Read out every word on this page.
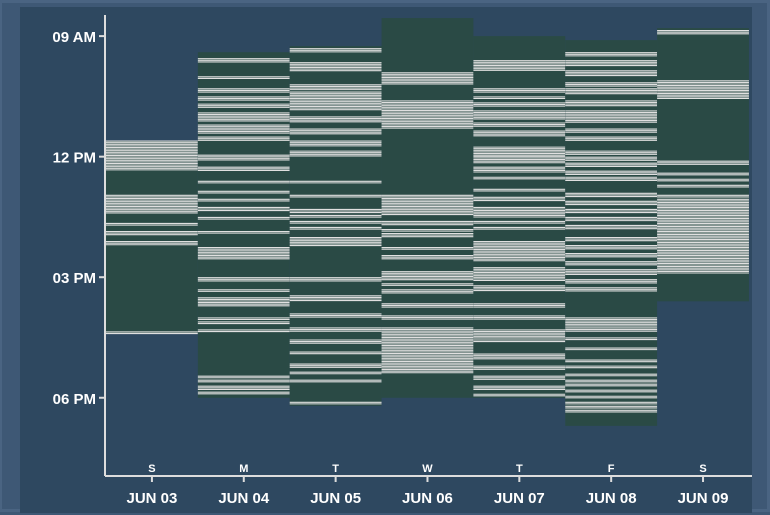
09 AM
12 PM
03 PM
06 PM
S
JUN 03
M
JUN 04
T
JUN 05
W
JUN 06
T
JUN 07
F
JUN 08
S
JUN 09
